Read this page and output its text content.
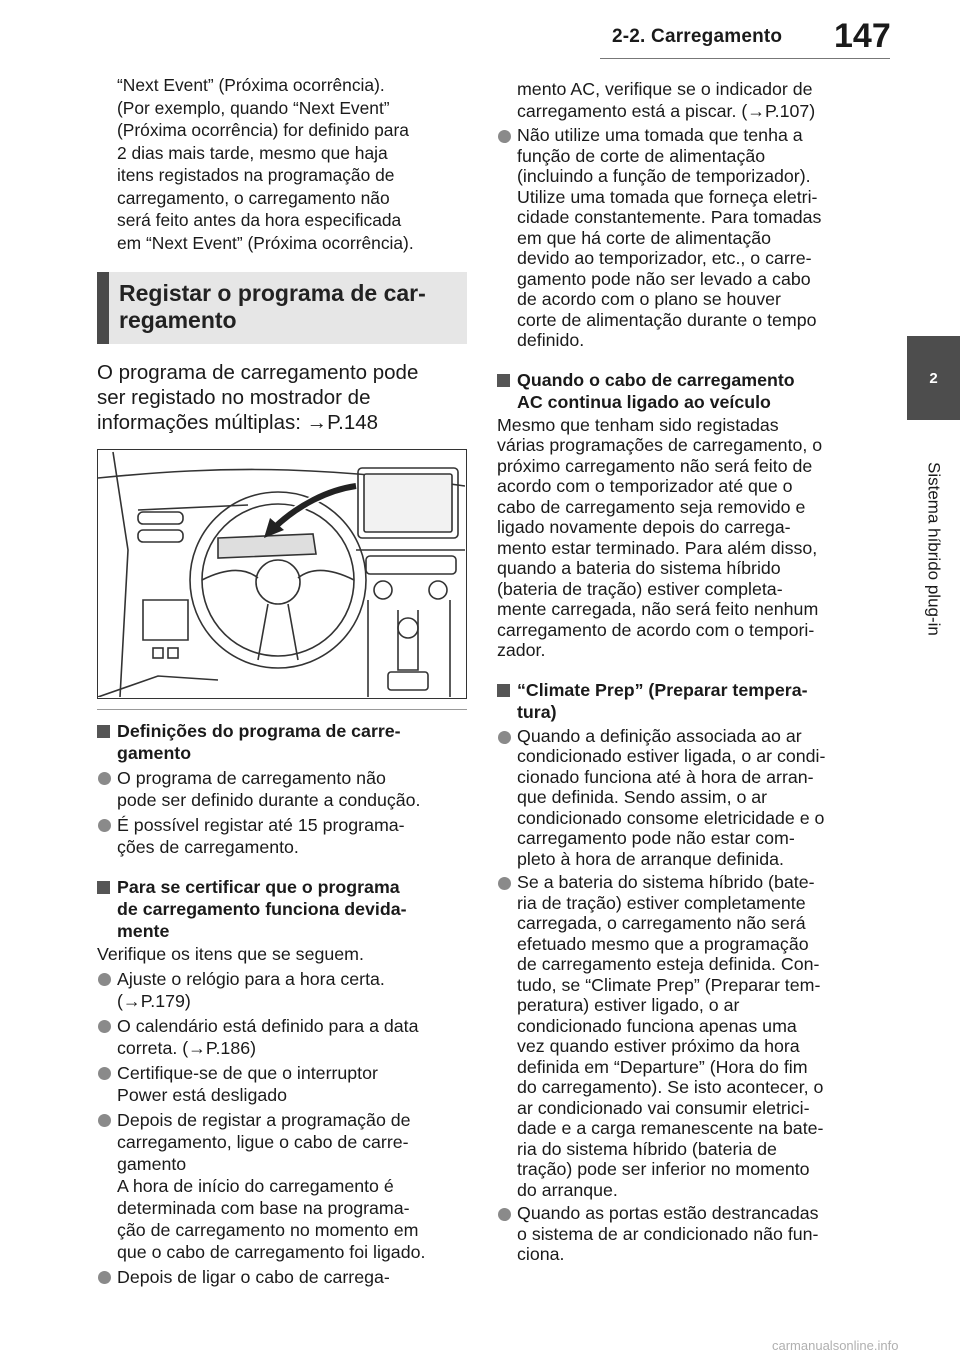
2-2. Carregamento 147
2
Sistema híbrido plug-in

“Next Event” (Próxima ocorrência).

(Por exemplo, quando “Next Event”

(Próxima ocorrência) for definido para

2 dias mais tarde, mesmo que haja

itens registados na programação de

carregamento, o carregamento não

será feito antes da hora especificada

em “Next Event” (Próxima ocorrência).

Registar o programa de car-
regamento
O programa de carregamento pode
ser registado no mostrador de
informações múltiplas: →P.148
Definições do programa de carre-
gamento
O programa de carregamento não
pode ser definido durante a condução.
É possível registar até 15 programa-
ções de carregamento.
Para se certificar que o programa
de carregamento funciona devida-
mente
Verifique os itens que se seguem.
Ajuste o relógio para a hora certa.
(→P.179)
O calendário está definido para a data
correta. (→P.186)
Certifique-se de que o interruptor
Power está desligado
Depois de registar a programação de
carregamento, ligue o cabo de carre-
gamento
A hora de início do carregamento é
determinada com base na programa-
ção de carregamento no momento em
que o cabo de carregamento foi ligado.
Depois de ligar o cabo de carrega-
mento AC, verifique se o indicador de
carregamento está a piscar. (→P.107)
Não utilize uma tomada que tenha a
função de corte de alimentação
(incluindo a função de temporizador).
Utilize uma tomada que forneça eletri-
cidade constantemente. Para tomadas
em que há corte de alimentação
devido ao temporizador, etc., o carre-
gamento pode não ser levado a cabo
de acordo com o plano se houver
corte de alimentação durante o tempo
definido.
Quando o cabo de carregamento
AC continua ligado ao veículo
Mesmo que tenham sido registadas
várias programações de carregamento, o
próximo carregamento não será feito de
acordo com o temporizador até que o
cabo de carregamento seja removido e
ligado novamente depois do carrega-
mento estar terminado. Para além disso,
quando a bateria do sistema híbrido
(bateria de tração) estiver completa-
mente carregada, não será feito nenhum
carregamento de acordo com o tempori-
zador.
“Climate Prep” (Preparar tempera-
tura)
Quando a definição associada ao ar
condicionado estiver ligada, o ar condi-
cionado funciona até à hora de arran-
que definida. Sendo assim, o ar
condicionado consome eletricidade e o
carregamento pode não estar com-
pleto à hora de arranque definida.
Se a bateria do sistema híbrido (bate-
ria de tração) estiver completamente
carregada, o carregamento não será
efetuado mesmo que a programação
de carregamento esteja definida. Con-
tudo, se “Climate Prep” (Preparar tem-
peratura) estiver ligado, o ar
condicionado funciona apenas uma
vez quando estiver próximo da hora
definida em “Departure” (Hora do fim
do carregamento). Se isto acontecer, o
ar condicionado vai consumir eletrici-
dade e a carga remanescente na bate-
ria do sistema híbrido (bateria de
tração) pode ser inferior no momento
do arranque.
Quando as portas estão destrancadas
o sistema de ar condicionado não fun-
ciona.
carmanualsonline.info
